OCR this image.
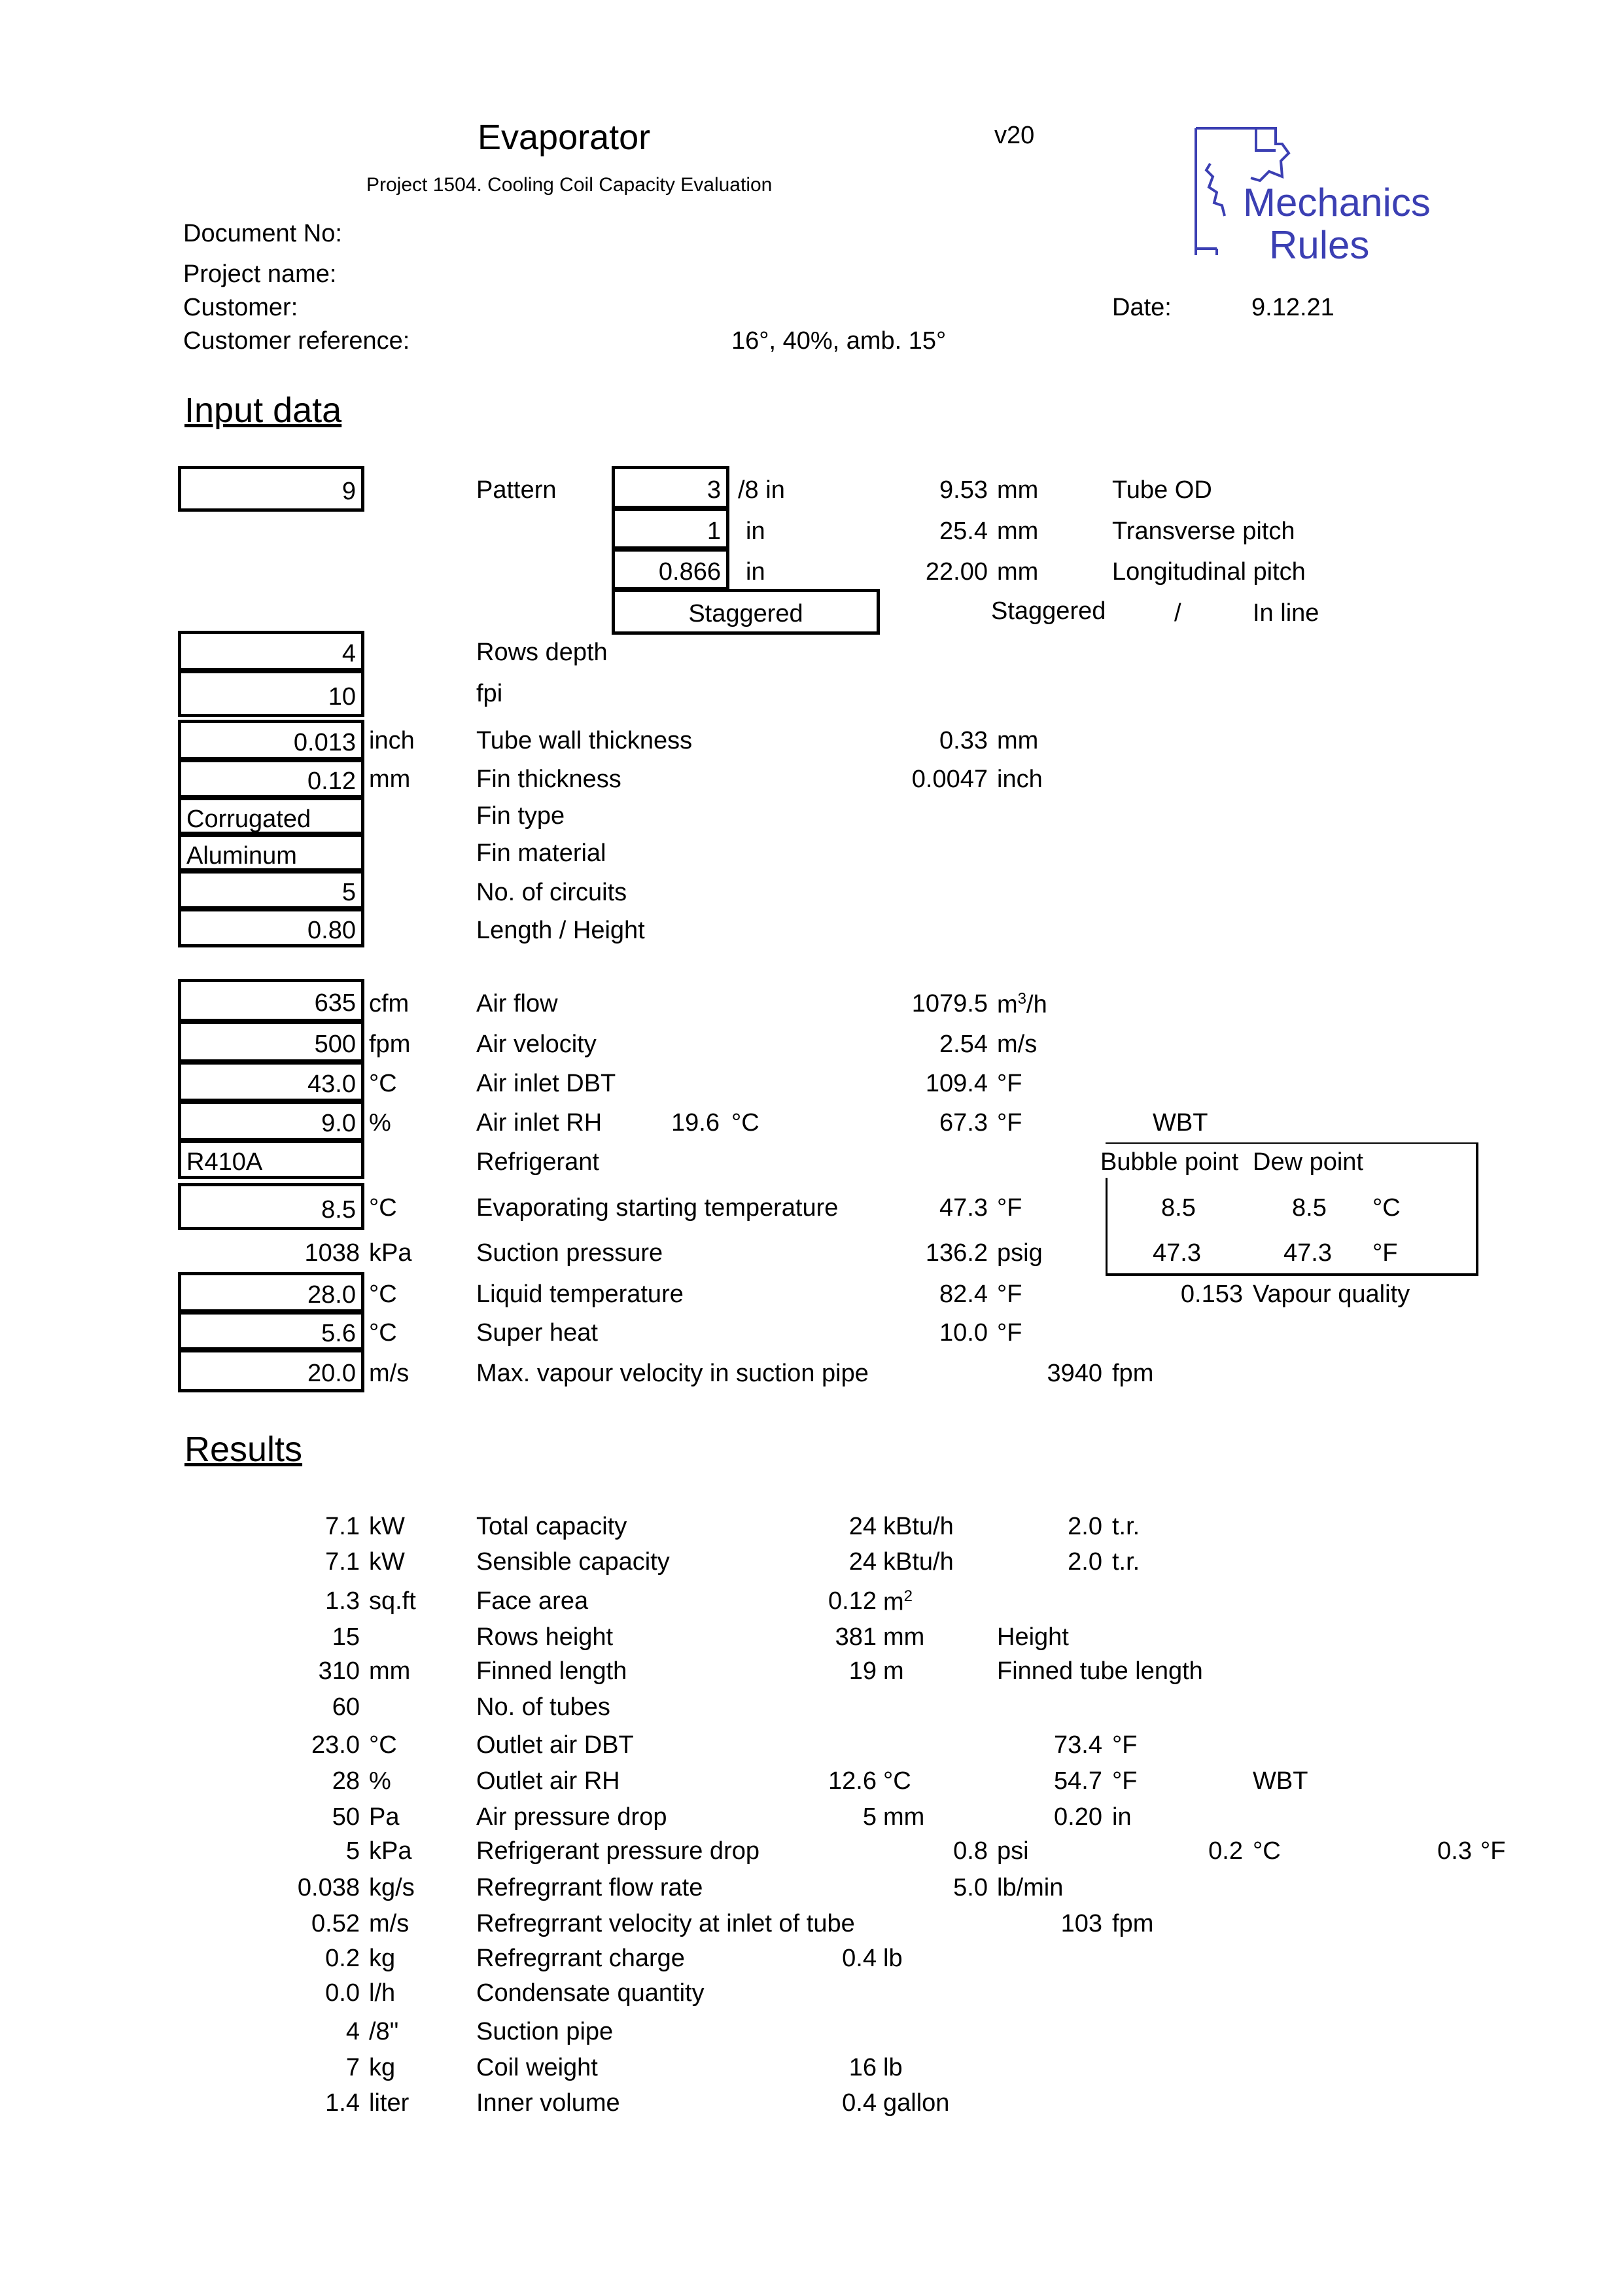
Evaporator	v20
Project 1504. Cooling Coil Capacity Evaluation	Mechanics
Rules
Document No:
Project name:
Customer:	Date:	9.12.21
Customer reference:	16°, 40%, amb. 15°
Input data
9	Pattern	3 /8 in	9.53 mm	Tube OD
1 in	25.4 mm	Transverse pitch
0.866 in	22.00 mm	Longitudinal pitch
Staggered	Staggered	/	In line
4	Rows depth
10	fpi
0.013 inch Tube wall thickness	0.33 mm
0.12 mm	Fin thickness	0.0047 inch
Corrugated	Fin type
Aluminum	Fin material
5	No. of circuits
0.80	Length / Height
635 cfm	Air flow	1079.5 $m^3/h$
500 fpm	Air velocity	2.54 m/s
43.0 °C	Air inlet DBT	109.4 °F
9.0 %	Air inlet RH	19.6 °C	67.3 °F	WBT
R410A	Refrigerant	Bubble point Dew point
8.5 °C	Evaporating starting temperature	47.3 °F	8.5	8.5 °C
1038 kPa	Suction pressure	136.2 psig	47.3	47.3 °F
28.0 °C	Liquid temperature	82.4 °F	0.153 Vapour quality
5.6 °C	Super heat	10.0 °F
20.0 m/s	Max. vapour velocity in suction pipe	3940 fpm
Results
7.1 kW	Total capacity	24 kBtu/h	2.0 t.r.
7.1 kW	Sensible capacity	24 kBtu/h	2.0 t.r.
1.3 sq.ft Face area	0.12 $m^2$
15	Rows height	381 mm	Height
310 mm	Finned length	19 m	Finned tube length
60	No. of tubes
23.0 °C	Outlet air DBT	73.4 °F
28 %	Outlet air RH	12.6 °C	54.7 °F	WBT
50 Pa	Air pressure drop	5 mm	0.20 in
5 kPa	Refrigerant pressure drop	0.8 psi	0.2 °C	0.3 °F
0.038 kg/s Refregrrant flow rate	5.0 lb/min
0.52 m/s	Refregrrant velocity at inlet of tube	103 fpm
0.2 kg	Refregrrant charge	0.4 lb
0.0 l/h	Condensate quantity
4 /8"	Suction pipe
7 kg	Coil weight	16 lb
1.4 liter	Inner volume	0.4 gallon
